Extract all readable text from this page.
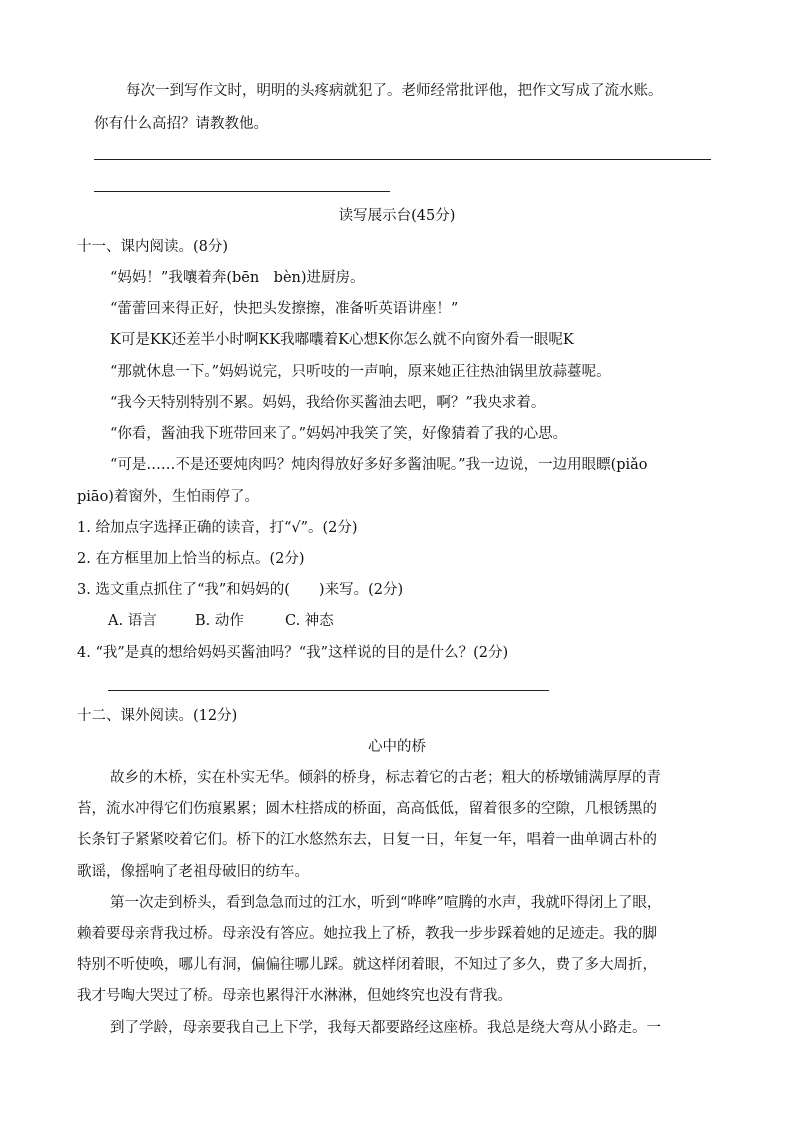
每次一到写作文时，明明的头疼病就犯了。老师经常批评他，把作文写成了流水账。
你有什么高招？请教教他。
读写展示台(45分)
十一、课内阅读。(8分)
“妈妈！”我嚷着奔(bēn　bèn)进厨房。
“蕾蕾回来得正好，快把头发擦擦，准备听英语讲座！”
K可是KK还差半小时啊KK我嘟囔着K心想K你怎么就不向窗外看一眼呢K
“那就休息一下。”妈妈说完，只听吱的一声响，原来她正往热油锅里放蒜薹呢。
“我今天特别特别不累。妈妈，我给你买酱油去吧，啊？”我央求着。
“你看，酱油我下班带回来了。”妈妈冲我笑了笑，好像猜着了我的心思。
“可是……不是还要炖肉吗？炖肉得放好多好多酱油呢。”我一边说，一边用眼瞟(piǎo
piāo)着窗外，生怕雨停了。
1. 给加点字选择正确的读音，打“√”。(2分)
2. 在方框里加上恰当的标点。(2分)
3. 选文重点抓住了“我”和妈妈的(　　)来写。(2分)
A. 语言	B. 动作	C. 神态
4. “我”是真的想给妈妈买酱油吗？“我”这样说的目的是什么？(2分)
十二、课外阅读。(12分)
心中的桥
故乡的木桥，实在朴实无华。倾斜的桥身，标志着它的古老；粗大的桥墩铺满厚厚的青
苔，流水冲得它们伤痕累累；圆木柱搭成的桥面，高高低低，留着很多的空隙，几根锈黑的
长条钉子紧紧咬着它们。桥下的江水悠然东去，日复一日，年复一年，唱着一曲单调古朴的
歌谣，像摇响了老祖母破旧的纺车。
第一次走到桥头，看到急急而过的江水，听到“哗哗”喧腾的水声，我就吓得闭上了眼，
赖着要母亲背我过桥。母亲没有答应。她拉我上了桥，教我一步步踩着她的足迹走。我的脚
特别不听使唤，哪儿有洞，偏偏往哪儿踩。就这样闭着眼，不知过了多久，费了多大周折，
我才号啕大哭过了桥。母亲也累得汗水淋淋，但她终究也没有背我。
到了学龄，母亲要我自己上下学，我每天都要路经这座桥。我总是绕大弯从小路走。一
